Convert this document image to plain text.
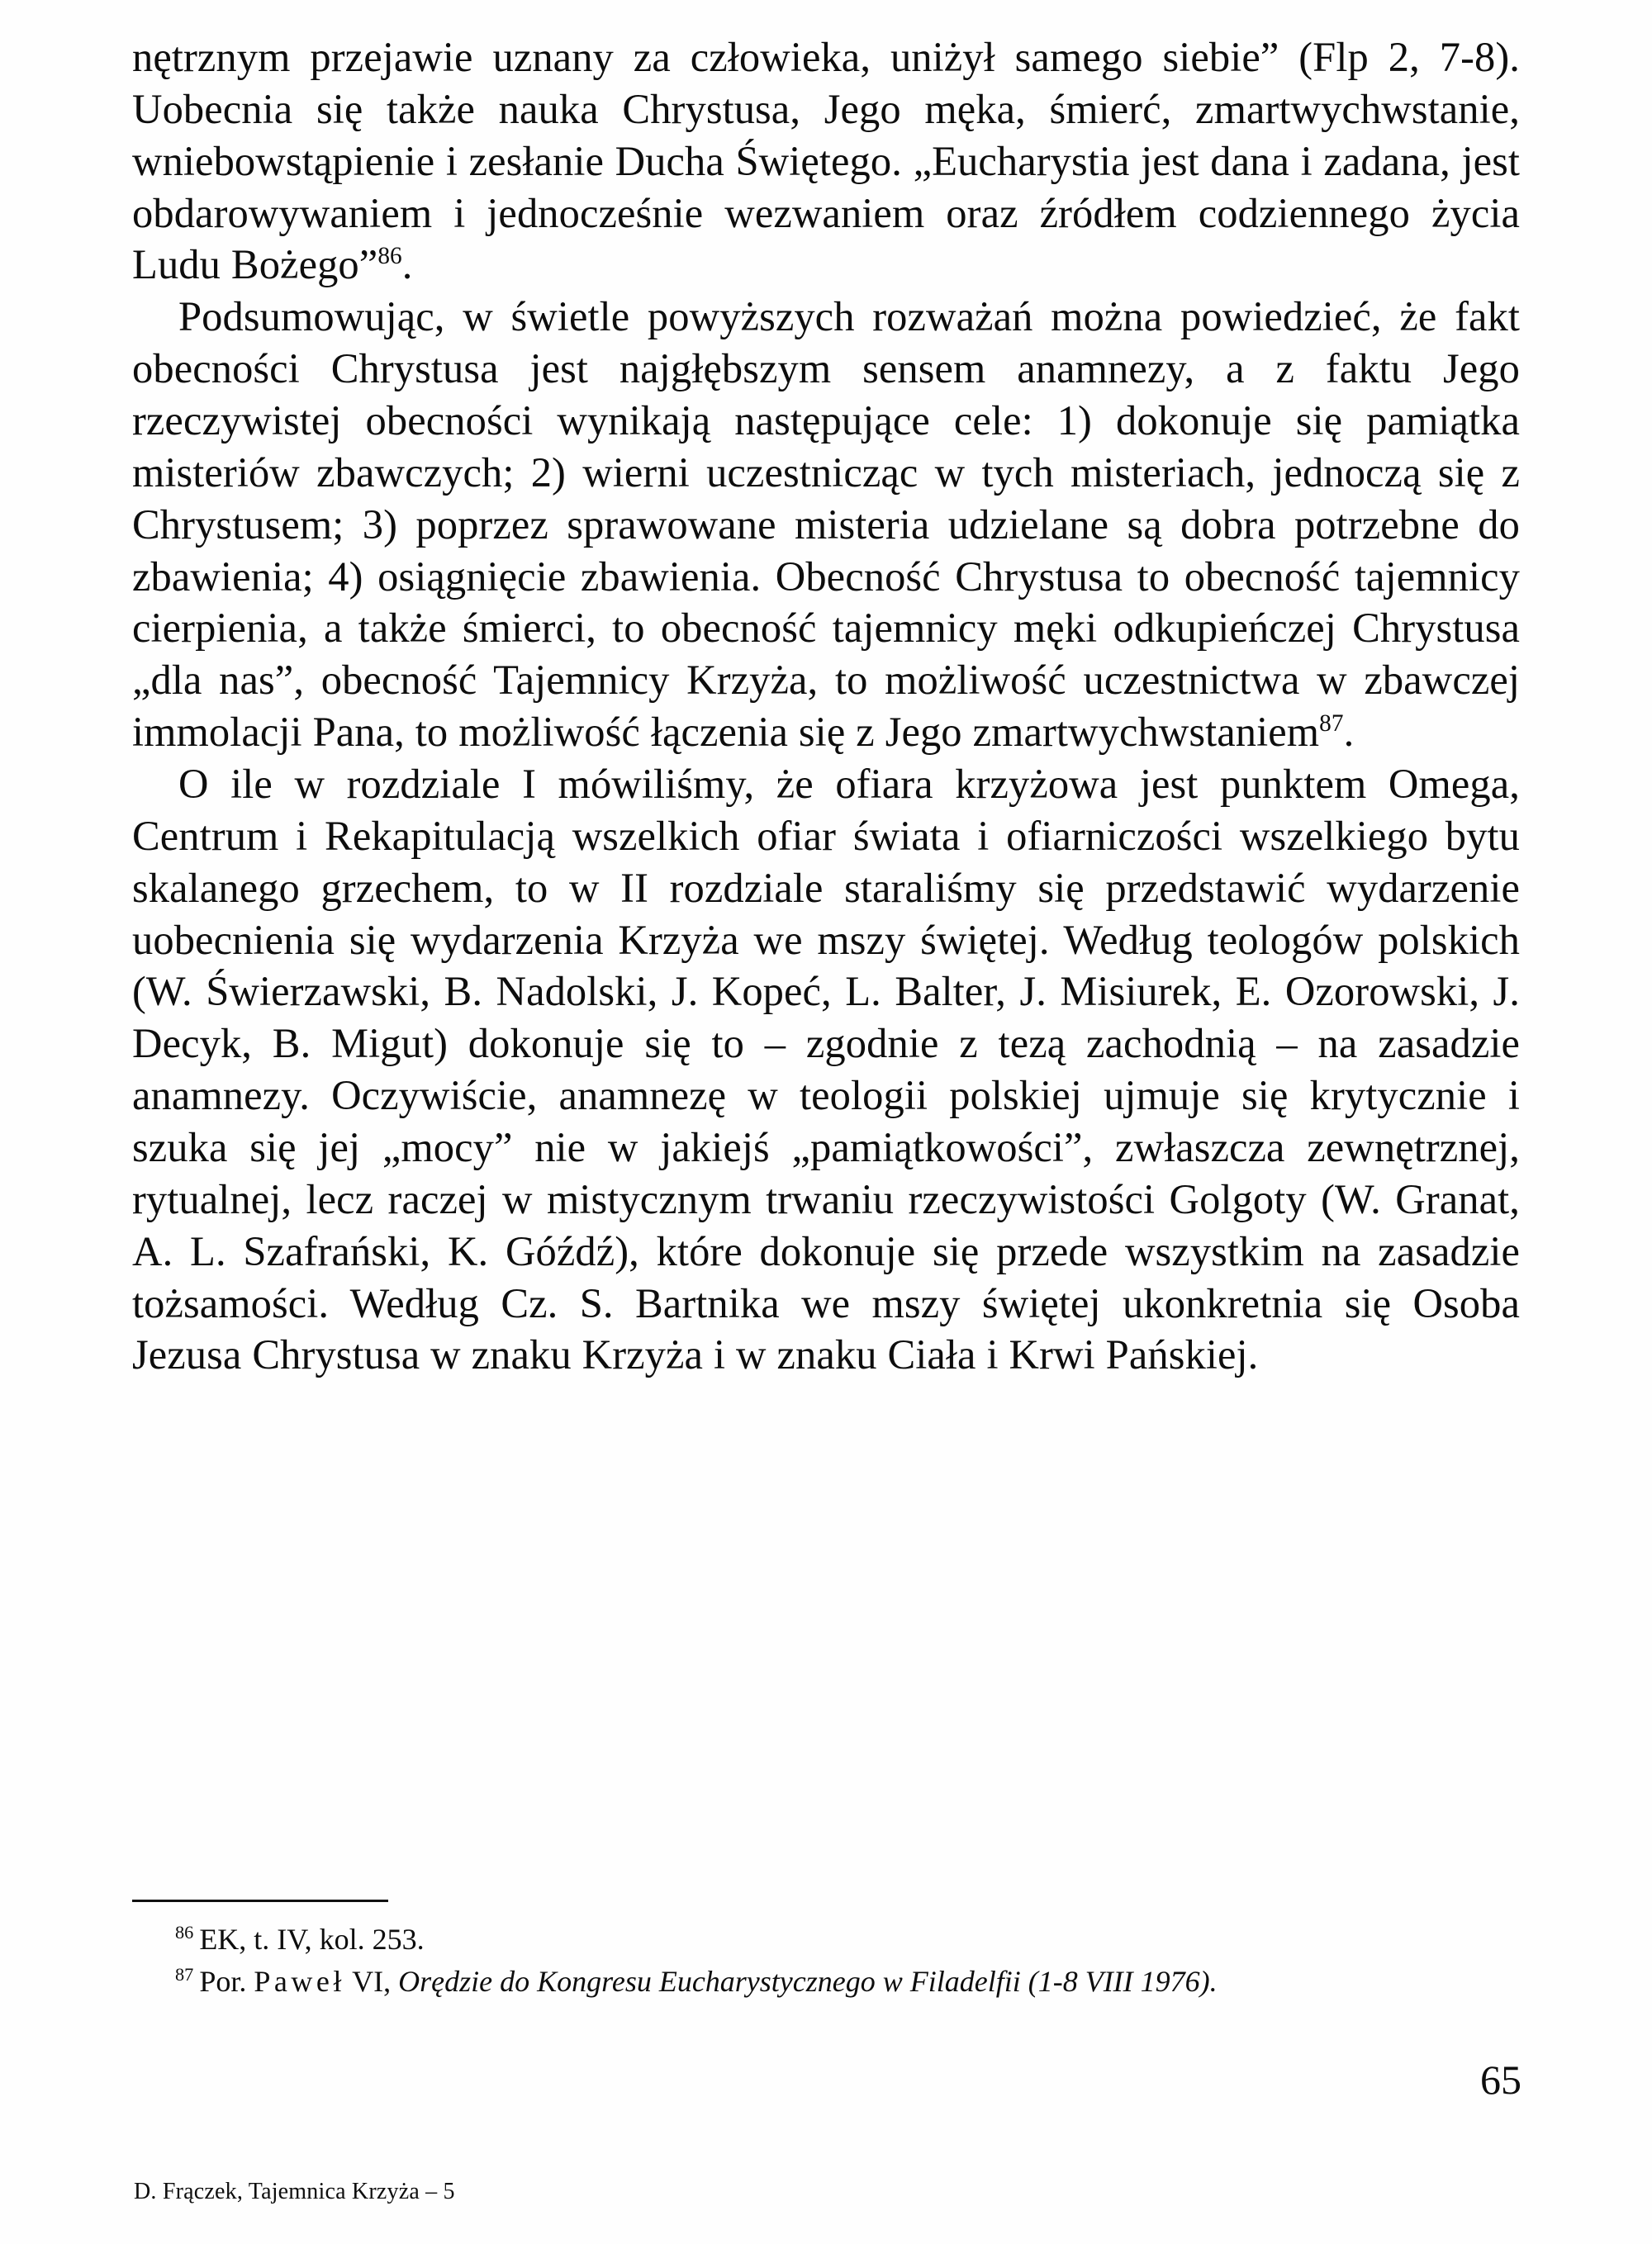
nętrznym przejawie uznany za człowieka, uniżył samego siebie” (Flp 2, 7-8). Uobecnia się także nauka Chrystusa, Jego męka, śmierć, zmartwychwstanie, wniebowstąpienie i zesłanie Ducha Świętego. „Eucharystia jest dana i zadana, jest obdarowywaniem i jednocześnie wezwaniem oraz źródłem codziennego życia Ludu Bożego”$^{86}$.

Podsumowując, w świetle powyższych rozważań można powiedzieć, że fakt obecności Chrystusa jest najgłębszym sensem anamnezy, a z faktu Jego rzeczywistej obecności wynikają następujące cele: 1) dokonuje się pamiątka misteriów zbawczych; 2) wierni uczestnicząc w tych misteriach, jednoczą się z Chrystusem; 3) poprzez sprawowane misteria udzielane są dobra potrzebne do zbawienia; 4) osiągnięcie zbawienia. Obecność Chrystusa to obecność tajemnicy cierpienia, a także śmierci, to obecność tajemnicy męki odkupieńczej Chrystusa „dla nas”, obecność Tajemnicy Krzyża, to możliwość uczestnictwa w zbawczej immolacji Pana, to możliwość łączenia się z Jego zmartwychwstaniem$^{87}$.

O ile w rozdziale I mówiliśmy, że ofiara krzyżowa jest punktem Omega, Centrum i Rekapitulacją wszelkich ofiar świata i ofiarniczości wszelkiego bytu skalanego grzechem, to w II rozdziale staraliśmy się przedstawić wydarzenie uobecnienia się wydarzenia Krzyża we mszy świętej. Według teologów polskich (W. Świerzawski, B. Nadolski, J. Kopeć, L. Balter, J. Misiurek, E. Ozorowski, J. Decyk, B. Migut) dokonuje się to – zgodnie z tezą zachodnią – na zasadzie anamnezy. Oczywiście, anamnezę w teologii polskiej ujmuje się krytycznie i szuka się jej „mocy” nie w jakiejś „pamiątkowości”, zwłaszcza zewnętrznej, rytualnej, lecz raczej w mistycznym trwaniu rzeczywistości Golgoty (W. Granat, A. L. Szafrański, K. Góźdź), które dokonuje się przede wszystkim na zasadzie tożsamości. Według Cz. S. Bartnika we mszy świętej ukonkretnia się Osoba Jezusa Chrystusa w znaku Krzyża i w znaku Ciała i Krwi Pańskiej.

$^{86}$ EK, t. IV, kol. 253.

$^{87}$ Por. Paweł VI, Orędzie do Kongresu Eucharystycznego w Filadelfii (1-8 VIII 1976).

65
D. Frączek, Tajemnica Krzyża – 5
